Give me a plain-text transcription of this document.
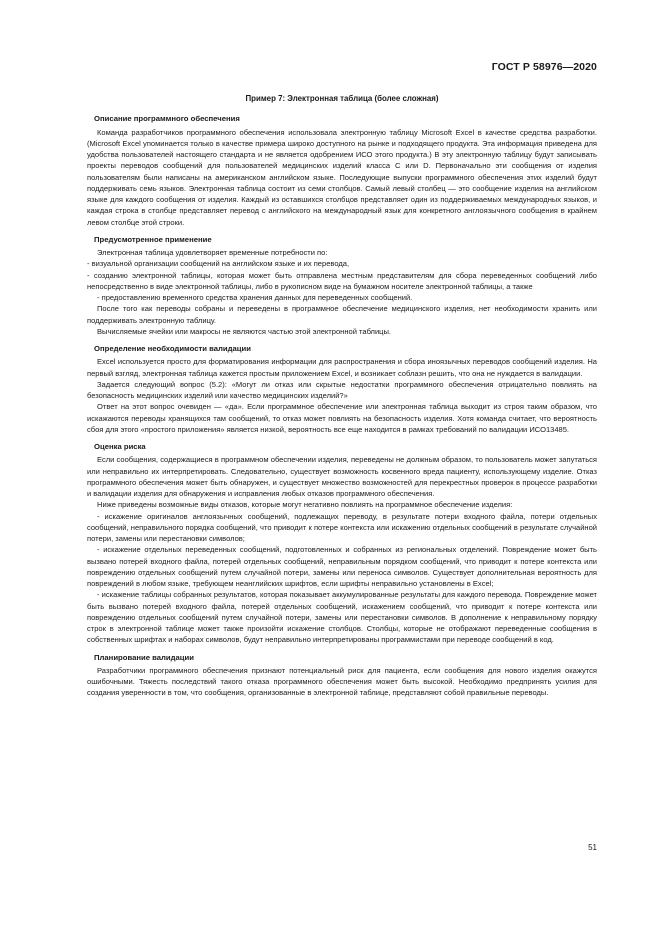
ГОСТ Р 58976—2020
Пример 7: Электронная таблица (более сложная)
Описание программного обеспечения

Команда разработчиков программного обеспечения использовала электронную таблицу Microsoft Excel в качестве средства разработки. (Microsoft Excel упоминается только в качестве примера широко доступного на рынке и подходящего продукта. Эта информация приведена для удобства пользователей настоящего стандарта и не является одобрением ИСО этого продукта.) В эту электронную таблицу будут записывать проекты переводов сообщений для пользователей медицинских изделий класса C или D. Первоначально эти сообщения от изделия пользователям были написаны на американском английском языке. Последующие выпуски программного обеспечения этих изделий будут поддерживать семь языков. Электронная таблица состоит из семи столбцов. Самый левый столбец — это сообщение изделия на английском языке для каждого сообщения от изделия. Каждый из оставшихся столбцов представляет один из поддерживаемых международных языков, и каждая строка в столбце представляет перевод с английского на международный язык для конкретного англоязычного сообщения в крайнем левом столбце этой строки.

Предусмотренное применение

Электронная таблица удовлетворяет временные потребности по:

- визуальной организации сообщений на английском языке и их перевода,

- созданию электронной таблицы, которая может быть отправлена местным представителям для сбора переведенных сообщений либо непосредственно в виде электронной таблицы, либо в рукописном виде на бумажном носителе электронной таблицы, а также

- предоставлению временного средства хранения данных для переведенных сообщений.

После того как переводы собраны и переведены в программное обеспечение медицинского изделия, нет необходимости хранить или поддерживать электронную таблицу.

Вычисляемые ячейки или макросы не являются частью этой электронной таблицы.

Определение необходимости валидации

Excel используется просто для форматирования информации для распространения и сбора иноязычных переводов сообщений изделия. На первый взгляд, электронная таблица кажется простым приложением Excel, и возникает соблазн решить, что она не нуждается в валидации.

Задается следующий вопрос (5.2): «Могут ли отказ или скрытые недостатки программного обеспечения отрицательно повлиять на безопасность медицинских изделий или качество медицинских изделий?»

Ответ на этот вопрос очевиден — «да». Если программное обеспечение или электронная таблица выходит из строя таким образом, что искажаются переводы хранящихся там сообщений, то отказ может повлиять на безопасность изделия. Хотя команда считает, что вероятность сбоя для этого «простого приложения» является низкой, вероятность все еще находится в рамках требований по валидации ИСО13485.

Оценка риска

Если сообщения, содержащиеся в программном обеспечении изделия, переведены не должным образом, то пользователь может запутаться или неправильно их интерпретировать. Следовательно, существует возможность косвенного вреда пациенту, использующему изделие. Отказ программного обеспечения может быть обнаружен, и существует множество возможностей для перекрестных проверок в процессе разработки и валидации изделия для обнаружения и исправления любых отказов программного обеспечения.

Ниже приведены возможные виды отказов, которые могут негативно повлиять на программное обеспечение изделия:

- искажение оригиналов англоязычных сообщений, подлежащих переводу, в результате потери входного файла, потери отдельных сообщений, неправильного порядка сообщений, что приводит к потере контекста или искажению отдельных сообщений в результате случайной потери, замены или перестановки символов;

- искажение отдельных переведенных сообщений, подготовленных и собранных из региональных отделений. Повреждение может быть вызвано потерей входного файла, потерей отдельных сообщений, неправильным порядком сообщений, что приводит к потере контекста или повреждению отдельных сообщений путем случайной потери, замены или переноса символов. Существует дополнительная вероятность для повреждений в любом языке, требующем неанглийских шрифтов, если шрифты неправильно установлены в Excel;

- искажение таблицы собранных результатов, которая показывает аккумулированные результаты для каждого перевода. Повреждение может быть вызвано потерей входного файла, потерей отдельных сообщений, искажением сообщений, что приводит к потере контекста или повреждению отдельных сообщений путем случайной потери, замены или перестановки символов. В дополнение к неправильному порядку строк в электронной таблице может также произойти искажение столбцов. Столбцы, которые не отображают переведенные сообщения в собственных шрифтах и наборах символов, будут неправильно интерпретированы программистами при переводе сообщений в код.

Планирование валидации

Разработчики программного обеспечения признают потенциальный риск для пациента, если сообщения для нового изделия окажутся ошибочными. Тяжесть последствий такого отказа программного обеспечения может быть высокой. Необходимо предпринять усилия для создания уверенности в том, что сообщения, организованные в электронной таблице, представляют собой правильные переводы.

51
